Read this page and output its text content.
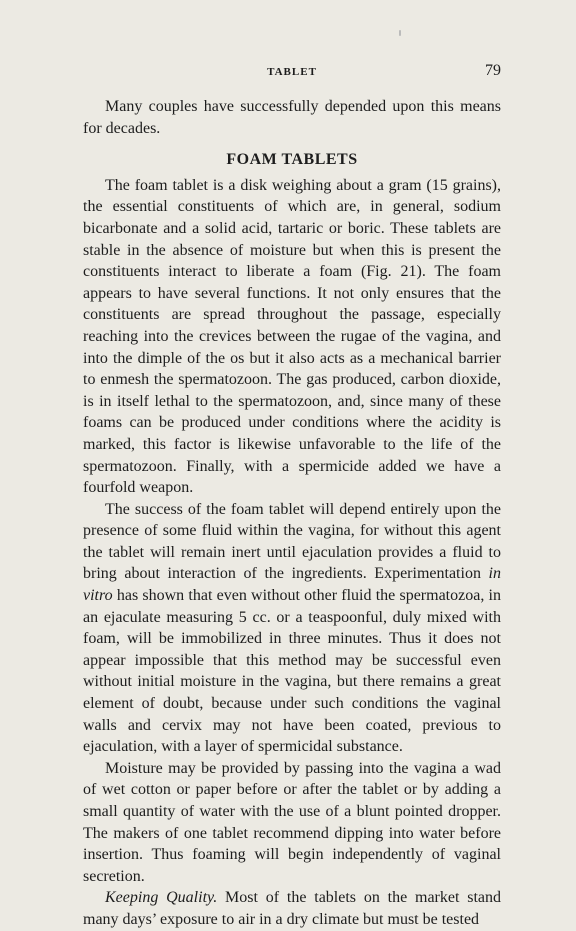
TABLET	79

Many couples have successfully depended upon this means for decades.

FOAM TABLETS

The foam tablet is a disk weighing about a gram (15 grains), the essential constituents of which are, in general, sodium bicarbonate and a solid acid, tartaric or boric. These tablets are stable in the absence of moisture but when this is present the constituents interact to liberate a foam (Fig. 21). The foam appears to have several functions. It not only ensures that the constituents are spread throughout the passage, especially reaching into the crevices between the rugae of the vagina, and into the dimple of the os but it also acts as a mechanical barrier to enmesh the spermatozoon. The gas produced, carbon dioxide, is in itself lethal to the spermatozoon, and, since many of these foams can be produced under conditions where the acidity is marked, this factor is likewise unfavorable to the life of the spermatozoon. Finally, with a spermicide added we have a fourfold weapon.

The success of the foam tablet will depend entirely upon the presence of some fluid within the vagina, for without this agent the tablet will remain inert until ejaculation provides a fluid to bring about interaction of the ingredients. Experimentation in vitro has shown that even without other fluid the spermatozoa, in an ejaculate measuring 5 cc. or a teaspoonful, duly mixed with foam, will be immobilized in three minutes. Thus it does not appear impossible that this method may be successful even without initial moisture in the vagina, but there remains a great element of doubt, because under such conditions the vaginal walls and cervix may not have been coated, previous to ejaculation, with a layer of spermicidal substance.

Moisture may be provided by passing into the vagina a wad of wet cotton or paper before or after the tablet or by adding a small quantity of water with the use of a blunt pointed dropper. The makers of one tablet recommend dipping into water before insertion. Thus foaming will begin independently of vaginal secretion.

Keeping Quality. Most of the tablets on the market stand many days’ exposure to air in a dry climate but must be tested
